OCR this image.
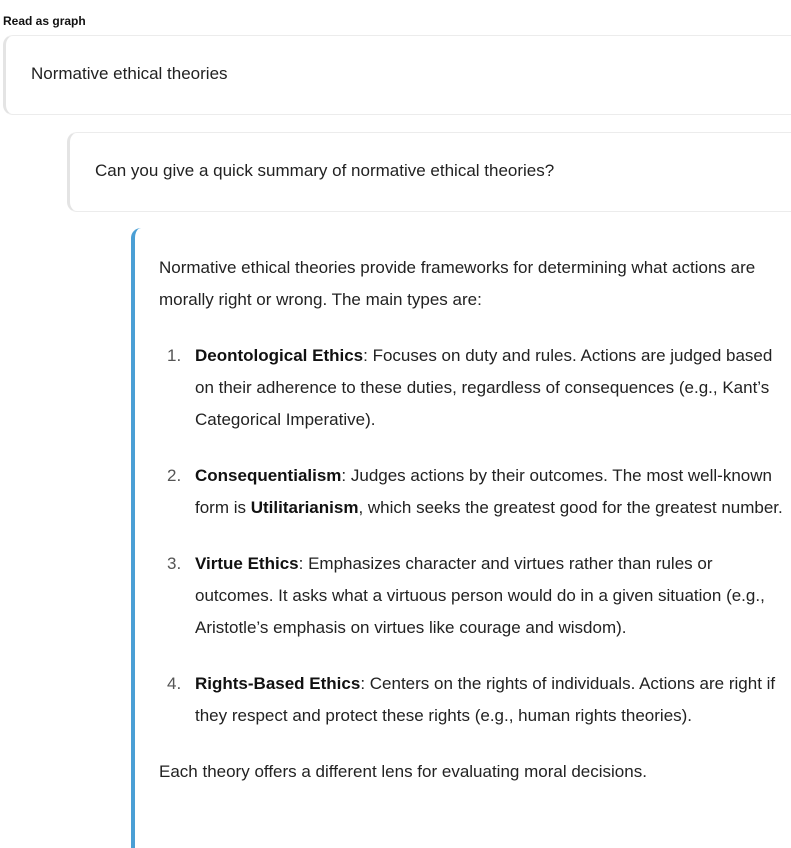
Read as graph
Normative ethical theories
Can you give a quick summary of normative ethical theories?

Normative ethical theories provide frameworks for determining what actions are morally right or wrong. The main types are:

1. Deontological Ethics: Focuses on duty and rules. Actions are judged based on their adherence to these duties, regardless of consequences (e.g., Kant’s Categorical Imperative).
2. Consequentialism: Judges actions by their outcomes. The most well-known form is Utilitarianism, which seeks the greatest good for the greatest number.
3. Virtue Ethics: Emphasizes character and virtues rather than rules or outcomes. It asks what a virtuous person would do in a given situation (e.g., Aristotle’s emphasis on virtues like courage and wisdom).
4. Rights-Based Ethics: Centers on the rights of individuals. Actions are right if they respect and protect these rights (e.g., human rights theories).

Each theory offers a different lens for evaluating moral decisions.
